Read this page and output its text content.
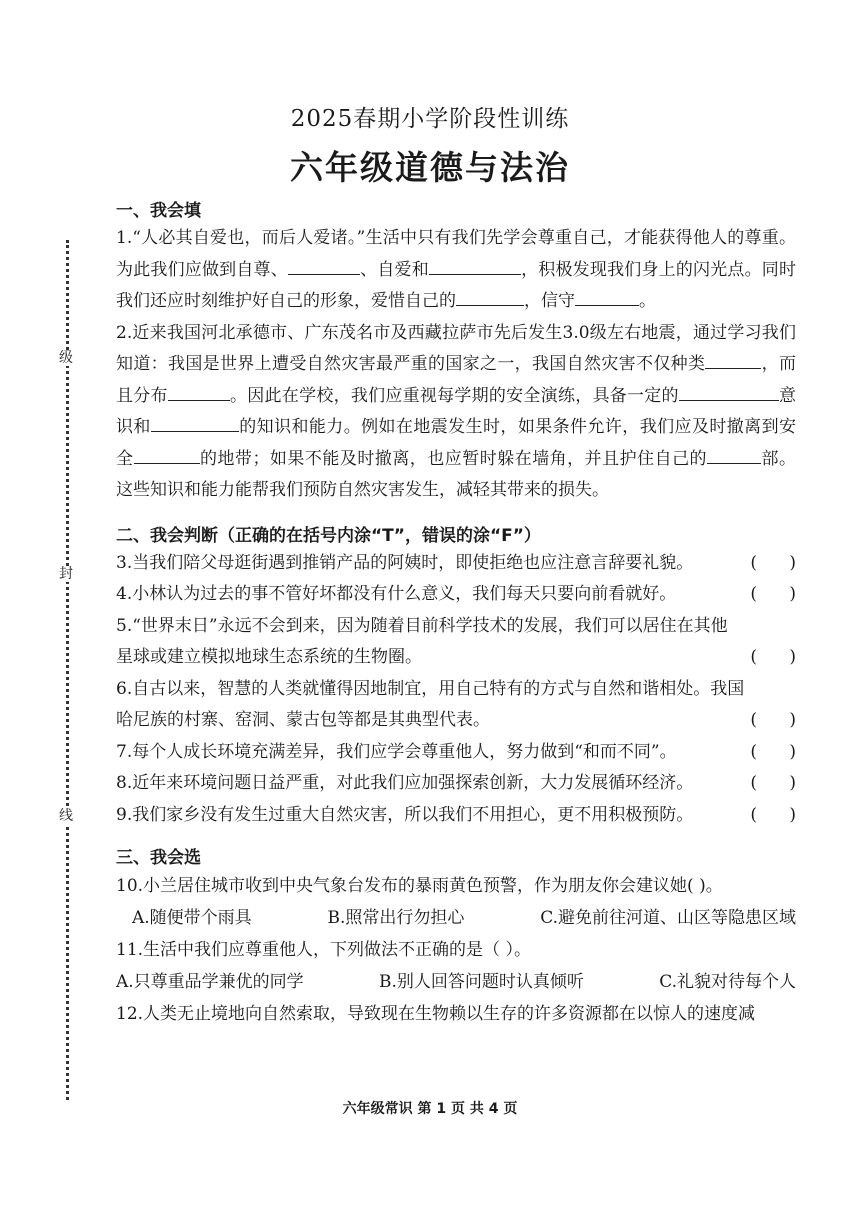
级
封
线
2025春期小学阶段性训练
六年级道德与法治
一、我会填

1.“人必其自爱也，而后人爱诸。”生活中只有我们先学会尊重自己，才能获得他人的尊重。为此我们应做到自尊、	、自爱和	，积极发现我们身上的闪光点。同时我们还应时刻维护好自己的形象，爱惜自己的	，信守	。

2.近来我国河北承德市、广东茂名市及西藏拉萨市先后发生3.0级左右地震，通过学习我们知道：我国是世界上遭受自然灾害最严重的国家之一，我国自然灾害不仅种类	，而且分布	。因此在学校，我们应重视每学期的安全演练，具备一定的	意识和	的知识和能力。例如在地震发生时，如果条件允许，我们应及时撤离到安全	的地带；如果不能及时撤离，也应暂时躲在墙角，并且护住自己的	部。这些知识和能力能帮我们预防自然灾害发生，减轻其带来的损失。

二、我会判断（正确的在括号内涂“T”，错误的涂“F”）
3.当我们陪父母逛街遇到推销产品的阿姨时，即使拒绝也应注意言辞要礼貌。	(      )
4.小林认为过去的事不管好坏都没有什么意义，我们每天只要向前看就好。	(      )
5.“世界末日”永远不会到来，因为随着目前科学技术的发展，我们可以居住在其他
星球或建立模拟地球生态系统的生物圈。	(      )
6.自古以来，智慧的人类就懂得因地制宜，用自己特有的方式与自然和谐相处。我国
哈尼族的村寨、窑洞、蒙古包等都是其典型代表。	(      )
7.每个人成长环境充满差异，我们应学会尊重他人，努力做到“和而不同”。	(      )
8.近年来环境问题日益严重，对此我们应加强探索创新，大力发展循环经济。	(      )
9.我们家乡没有发生过重大自然灾害，所以我们不用担心，更不用积极预防。	(      )
三、我会选
10.小兰居住城市收到中央气象台发布的暴雨黄色预警，作为朋友你会建议她( )。
A.随便带个雨具	B.照常出行勿担心	C.避免前往河道、山区等隐患区域
11.生活中我们应尊重他人，下列做法不正确的是（ ）。
A.只尊重品学兼优的同学	B.别人回答问题时认真倾听	C.礼貌对待每个人
12.人类无止境地向自然索取，导致现在生物赖以生存的许多资源都在以惊人的速度减
六年级常识 第 1 页 共 4 页
